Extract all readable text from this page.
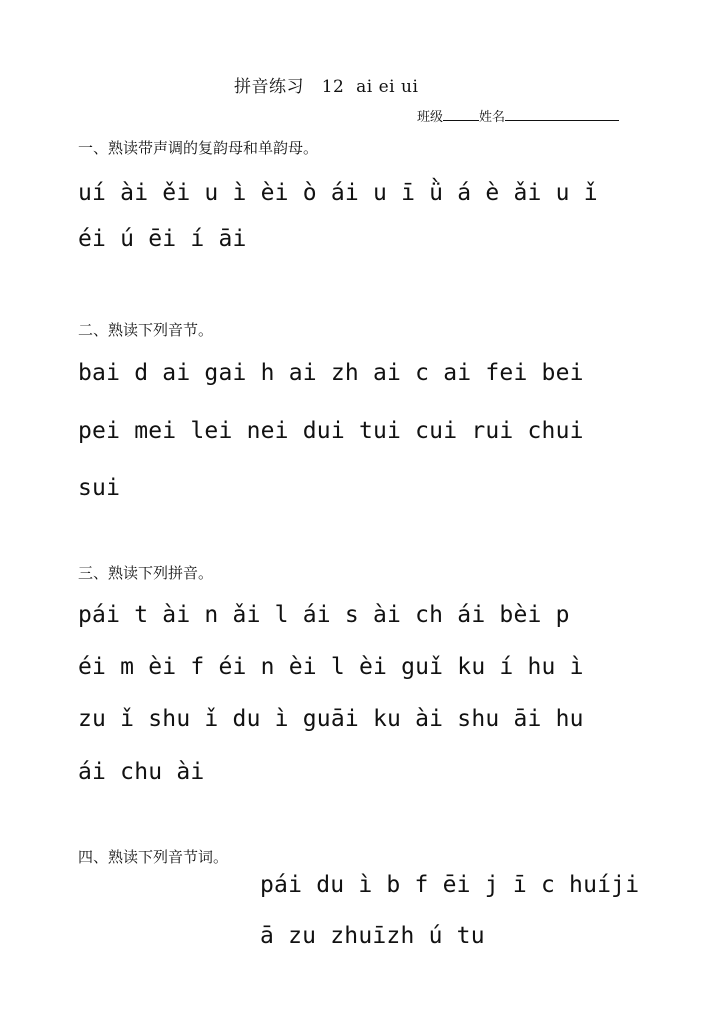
拼音练习   12  ai ei ui
班级	姓名
一、熟读带声调的复韵母和单韵母。
uí ài ěi u ì èi ò ái u ī ǜ á è ǎi u ǐ
éi ú ēi í āi
二、熟读下列音节。
bai d ai gai h ai zh ai c ai fei bei
pei mei lei nei dui tui cui rui chui
sui
三、熟读下列拼音。
pái t ài n ǎi l ái s ài ch ái bèi p
éi m èi f éi n èi l èi guǐ ku í hu ì
zu ǐ shu ǐ du ì guāi ku ài shu āi hu
ái chu ài
四、熟读下列音节词。
pái du ì b f ēi j ī c huíji
ā zu zhuīzh ú tu
